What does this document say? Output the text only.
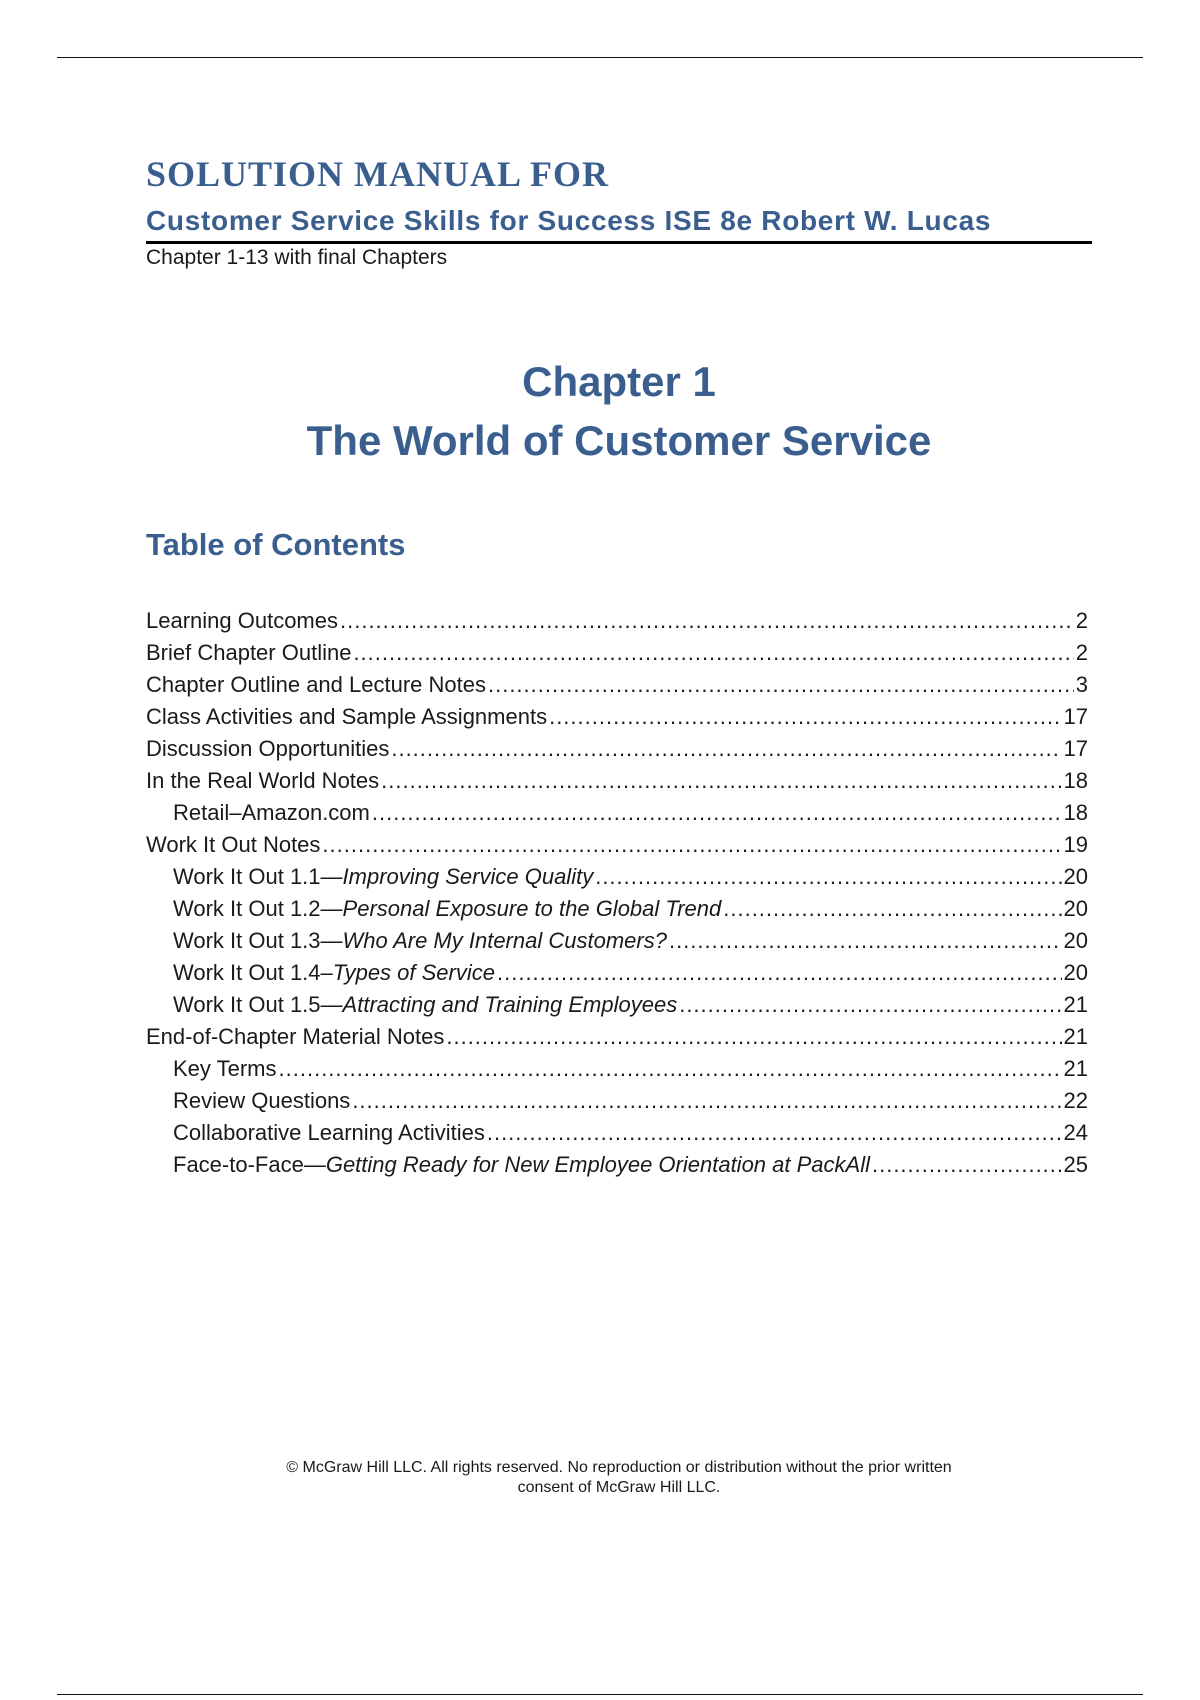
SOLUTION MANUAL FOR
Customer Service Skills for Success ISE 8e Robert W. Lucas
Chapter 1-13 with final Chapters
Chapter 1
The World of Customer Service
Table of Contents
Learning Outcomes .....	2
Brief Chapter Outline .....	2
Chapter Outline and Lecture Notes .....	3
Class Activities and Sample Assignments .....	17
Discussion Opportunities .....	17
In the Real World Notes .....	18
Retail–Amazon.com .....	18
Work It Out Notes .....	19
Work It Out 1.1—Improving Service Quality .....	20
Work It Out 1.2—Personal Exposure to the Global Trend .....	20
Work It Out 1.3—Who Are My Internal Customers? .....	20
Work It Out 1.4–Types of Service .....	20
Work It Out 1.5—Attracting and Training Employees .....	21
End-of-Chapter Material Notes .....	21
Key Terms .....	21
Review Questions .....	22
Collaborative Learning Activities .....	24
Face-to-Face—Getting Ready for New Employee Orientation at PackAll .....	25
© McGraw Hill LLC. All rights reserved. No reproduction or distribution without the prior written
consent of McGraw Hill LLC.
